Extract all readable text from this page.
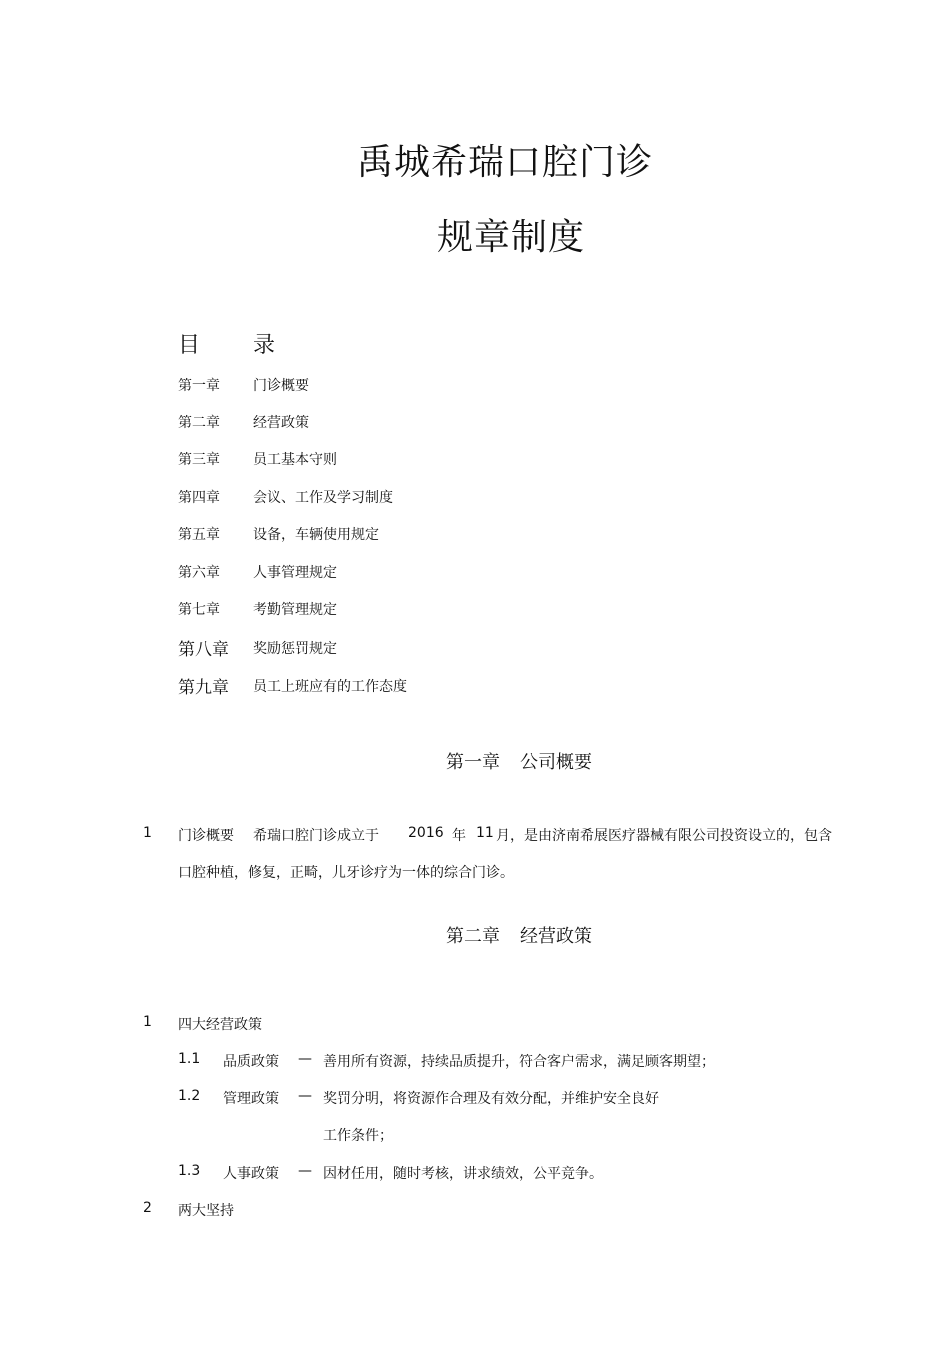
禹城希瑞口腔门诊
规章制度
目 录
第一章 门诊概要
第二章 经营政策
第三章 员工基本守则
第四章 会议、工作及学习制度
第五章 设备，车辆使用规定
第六章 人事管理规定
第七章 考勤管理规定
第八章 奖励惩罚规定
第九章 员工上班应有的工作态度
第一章 公司概要
1 门诊概要 希瑞口腔门诊成立于 2016 年 11 月，是由济南希展医疗器械有限公司投资设立的，包含
口腔种植，修复，正畸，儿牙诊疗为一体的综合门诊。
第二章 经营政策
1 四大经营政策
1.1 品质政策 — 善用所有资源，持续品质提升，符合客户需求，满足顾客期望；
1.2 管理政策 — 奖罚分明，将资源作合理及有效分配，并维护安全良好
工作条件；
1.3 人事政策 — 因材任用，随时考核，讲求绩效，公平竞争。
2 两大坚持
